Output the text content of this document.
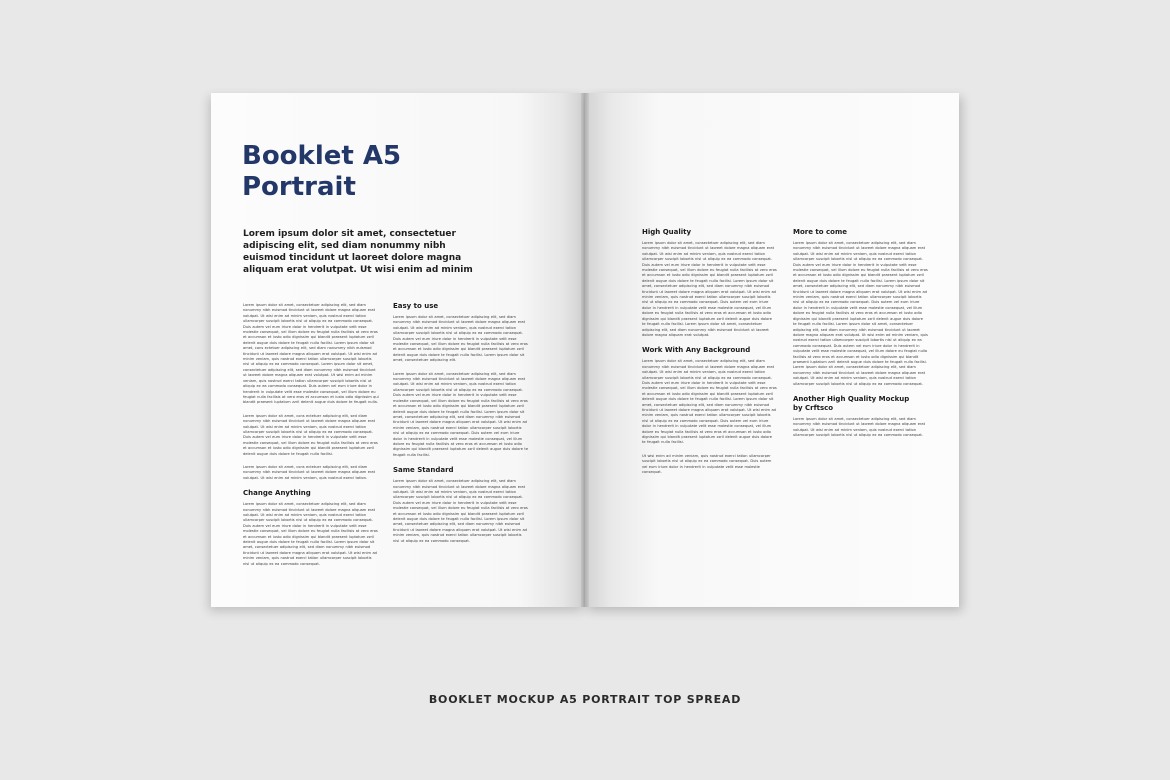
Booklet A5
Portrait

Lorem ipsum dolor sit amet, consectetuer adipiscing elit, sed diam nonummy nibh euismod tincidunt ut laoreet dolore magna aliquam erat volutpat. Ut wisi enim ad minim

Lorem ipsum dolor sit amet, consectetuer adipiscing elit, sed diam nonummy nibh euismod tincidunt ut laoreet dolore magna aliquam erat volutpat. Ut wisi enim ad minim veniam, quis nostrud exerci tation ullamcorper suscipit lobortis nisl ut aliquip ex ea commodo consequat. Duis autem vel eum iriure dolor in hendrerit in vulputate velit esse molestie consequat, vel illum dolore eu feugiat nulla facilisis at vero eros et accumsan et iusto odio dignissim qui blandit praesent luptatum zzril delenit augue duis dolore te feugait nulla facilisi. Lorem ipsum dolor sit amet, cons ectetuer adipiscing elit, sed diam nonummy nibh euismod tincidunt ut laoreet dolore magna aliquam erat volutpat. Ut wisi enim ad minim veniam, quis nostrud exerci tation ullamcorper suscipit lobortis nisl ut aliquip ex ea commodo consequat. Lorem ipsum dolor sit amet, consectetuer adipiscing elit, sed diam nonummy nibh euismod tincidunt ut laoreet dolore magna aliquam erat volutpat. Ut wisi enim ad minim veniam, quis nostrud exerci tation ullamcorper suscipit lobortis nisl ut aliquip ex ea commodo consequat. Duis autem vel eum iriure dolor in hendrerit in vulputate velit esse molestie consequat, vel illum dolore eu feugiat nulla facilisis at vero eros et accumsan et iusto odio dignissim qui blandit praesent luptatum zzril delenit augue duis dolore te feugait nulla.

Lorem ipsum dolor sit amet, cons ectetuer adipiscing elit, sed diam nonummy nibh euismod tincidunt ut laoreet dolore magna aliquam erat volutpat. Ut wisi enim ad minim veniam, quis nostrud exerci tation ullamcorper suscipit lobortis nisl ut aliquip ex ea commodo consequat. Duis autem vel eum iriure dolor in hendrerit in vulputate velit esse molestie consequat, vel illum dolore eu feugiat nulla facilisis at vero eros et accumsan et iusto odio dignissim qui blandit praesent luptatum zzril delenit augue duis dolore te feugait nulla facilisi.

Lorem ipsum dolor sit amet, cons ectetuer adipiscing elit, sed diam nonummy nibh euismod tincidunt ut laoreet dolore magna aliquam erat volutpat. Ut wisi enim ad minim veniam, quis nostrud exerci tation.

Change Anything

Lorem ipsum dolor sit amet, consectetuer adipiscing elit, sed diam nonummy nibh euismod tincidunt ut laoreet dolore magna aliquam erat volutpat. Ut wisi enim ad minim veniam, quis nostrud exerci tation ullamcorper suscipit lobortis nisl ut aliquip ex ea commodo consequat. Duis autem vel eum iriure dolor in hendrerit in vulputate velit esse molestie consequat, vel illum dolore eu feugiat nulla facilisis at vero eros et accumsan et iusto odio dignissim qui blandit praesent luptatum zzril delenit augue duis dolore te feugait nulla facilisi. Lorem ipsum dolor sit amet, consectetuer adipiscing elit, sed diam nonummy nibh euismod tincidunt ut laoreet dolore magna aliquam erat volutpat. Ut wisi enim ad minim veniam, quis nostrud exerci tation ullamcorper suscipit lobortis nisl ut aliquip ex ea commodo consequat.

Easy to use

Lorem ipsum dolor sit amet, consectetuer adipiscing elit, sed diam nonummy nibh euismod tincidunt ut laoreet dolore magna aliquam erat volutpat. Ut wisi enim ad minim veniam, quis nostrud exerci tation ullamcorper suscipit lobortis nisl ut aliquip ex ea commodo consequat. Duis autem vel eum iriure dolor in hendrerit in vulputate velit esse molestie consequat, vel illum dolore eu feugiat nulla facilisis at vero eros et accumsan et iusto odio dignissim qui blandit praesent luptatum zzril delenit augue duis dolore te feugait nulla facilisi. Lorem ipsum dolor sit amet, consectetuer adipiscing elit.

Lorem ipsum dolor sit amet, consectetuer adipiscing elit, sed diam nonummy nibh euismod tincidunt ut laoreet dolore magna aliquam erat volutpat. Ut wisi enim ad minim veniam, quis nostrud exerci tation ullamcorper suscipit lobortis nisl ut aliquip ex ea commodo consequat. Duis autem vel eum iriure dolor in hendrerit in vulputate velit esse molestie consequat, vel illum dolore eu feugiat nulla facilisis at vero eros et accumsan et iusto odio dignissim qui blandit praesent luptatum zzril delenit augue duis dolore te feugait nulla facilisi. Lorem ipsum dolor sit amet, consectetuer adipiscing elit, sed diam nonummy nibh euismod tincidunt ut laoreet dolore magna aliquam erat volutpat. Ut wisi enim ad minim veniam, quis nostrud exerci tation ullamcorper suscipit lobortis nisl ut aliquip ex ea commodo consequat. Duis autem vel eum iriure dolor in hendrerit in vulputate velit esse molestie consequat, vel illum dolore eu feugiat nulla facilisis at vero eros et accumsan et iusto odio dignissim qui blandit praesent luptatum zzril delenit augue duis dolore te feugait nulla facilisi.

Same Standard

Lorem ipsum dolor sit amet, consectetuer adipiscing elit, sed diam nonummy nibh euismod tincidunt ut laoreet dolore magna aliquam erat volutpat. Ut wisi enim ad minim veniam, quis nostrud exerci tation ullamcorper suscipit lobortis nisl ut aliquip ex ea commodo consequat. Duis autem vel eum iriure dolor in hendrerit in vulputate velit esse molestie consequat, vel illum dolore eu feugiat nulla facilisis at vero eros et accumsan et iusto odio dignissim qui blandit praesent luptatum zzril delenit augue duis dolore te feugait nulla facilisi. Lorem ipsum dolor sit amet, consectetuer adipiscing elit, sed diam nonummy nibh euismod tincidunt ut laoreet dolore magna aliquam erat volutpat. Ut wisi enim ad minim veniam, quis nostrud exerci tation ullamcorper suscipit lobortis nisl ut aliquip ex ea commodo consequat.

High Quality

Lorem ipsum dolor sit amet, consectetuer adipiscing elit, sed diam nonummy nibh euismod tincidunt ut laoreet dolore magna aliquam erat volutpat. Ut wisi enim ad minim veniam, quis nostrud exerci tation ullamcorper suscipit lobortis nisl ut aliquip ex ea commodo consequat. Duis autem vel eum iriure dolor in hendrerit in vulputate velit esse molestie consequat, vel illum dolore eu feugiat nulla facilisis at vero eros et accumsan et iusto odio dignissim qui blandit praesent luptatum zzril delenit augue duis dolore te feugait nulla facilisi. Lorem ipsum dolor sit amet, consectetuer adipiscing elit, sed diam nonummy nibh euismod tincidunt ut laoreet dolore magna aliquam erat volutpat. Ut wisi enim ad minim veniam, quis nostrud exerci tation ullamcorper suscipit lobortis nisl ut aliquip ex ea commodo consequat. Duis autem vel eum iriure dolor in hendrerit in vulputate velit esse molestie consequat, vel illum dolore eu feugiat nulla facilisis at vero eros et accumsan et iusto odio dignissim qui blandit praesent luptatum zzril delenit augue duis dolore te feugait nulla facilisi. Lorem ipsum dolor sit amet, consectetuer adipiscing elit, sed diam nonummy nibh euismod tincidunt ut laoreet dolore magna aliquam erat volutpat.

Work With Any Background

Lorem ipsum dolor sit amet, consectetuer adipiscing elit, sed diam nonummy nibh euismod tincidunt ut laoreet dolore magna aliquam erat volutpat. Ut wisi enim ad minim veniam, quis nostrud exerci tation ullamcorper suscipit lobortis nisl ut aliquip ex ea commodo consequat. Duis autem vel eum iriure dolor in hendrerit in vulputate velit esse molestie consequat, vel illum dolore eu feugiat nulla facilisis at vero eros et accumsan et iusto odio dignissim qui blandit praesent luptatum zzril delenit augue duis dolore te feugait nulla facilisi. Lorem ipsum dolor sit amet, consectetuer adipiscing elit, sed diam nonummy nibh euismod tincidunt ut laoreet dolore magna aliquam erat volutpat. Ut wisi enim ad minim veniam, quis nostrud exerci tation ullamcorper suscipit lobortis nisl ut aliquip ex ea commodo consequat. Duis autem vel eum iriure dolor in hendrerit in vulputate velit esse molestie consequat, vel illum dolore eu feugiat nulla facilisis at vero eros et accumsan et iusto odio dignissim qui blandit praesent luptatum zzril delenit augue duis dolore te feugait nulla facilisi.

Ut wisi enim ad minim veniam, quis nostrud exerci tation ullamcorper suscipit lobortis nisl ut aliquip ex ea commodo consequat. Duis autem vel eum iriure dolor in hendrerit in vulputate velit esse molestie consequat.

More to come

Lorem ipsum dolor sit amet, consectetuer adipiscing elit, sed diam nonummy nibh euismod tincidunt ut laoreet dolore magna aliquam erat volutpat. Ut wisi enim ad minim veniam, quis nostrud exerci tation ullamcorper suscipit lobortis nisl ut aliquip ex ea commodo consequat. Duis autem vel eum iriure dolor in hendrerit in vulputate velit esse molestie consequat, vel illum dolore eu feugiat nulla facilisis at vero eros et accumsan et iusto odio dignissim qui blandit praesent luptatum zzril delenit augue duis dolore te feugait nulla facilisi. Lorem ipsum dolor sit amet, consectetuer adipiscing elit, sed diam nonummy nibh euismod tincidunt ut laoreet dolore magna aliquam erat volutpat. Ut wisi enim ad minim veniam, quis nostrud exerci tation ullamcorper suscipit lobortis nisl ut aliquip ex ea commodo consequat. Duis autem vel eum iriure dolor in hendrerit in vulputate velit esse molestie consequat, vel illum dolore eu feugiat nulla facilisis at vero eros et accumsan et iusto odio dignissim qui blandit praesent luptatum zzril delenit augue duis dolore te feugait nulla facilisi. Lorem ipsum dolor sit amet, consectetuer adipiscing elit, sed diam nonummy nibh euismod tincidunt ut laoreet dolore magna aliquam erat volutpat. Ut wisi enim ad minim veniam, quis nostrud exerci tation ullamcorper suscipit lobortis nisl ut aliquip ex ea commodo consequat. Duis autem vel eum iriure dolor in hendrerit in vulputate velit esse molestie consequat, vel illum dolore eu feugiat nulla facilisis at vero eros et accumsan et iusto odio dignissim qui blandit praesent luptatum zzril delenit augue duis dolore te feugait nulla facilisi. Lorem ipsum dolor sit amet, consectetuer adipiscing elit, sed diam nonummy nibh euismod tincidunt ut laoreet dolore magna aliquam erat volutpat. Ut wisi enim ad minim veniam, quis nostrud exerci tation ullamcorper suscipit lobortis nisl ut aliquip ex ea commodo consequat.

Another High Quality Mockup
by Crftsco

Lorem ipsum dolor sit amet, consectetuer adipiscing elit, sed diam nonummy nibh euismod tincidunt ut laoreet dolore magna aliquam erat volutpat. Ut wisi enim ad minim veniam, quis nostrud exerci tation ullamcorper suscipit lobortis nisl ut aliquip ex ea commodo consequat.

BOOKLET MOCKUP A5 PORTRAIT TOP SPREAD
